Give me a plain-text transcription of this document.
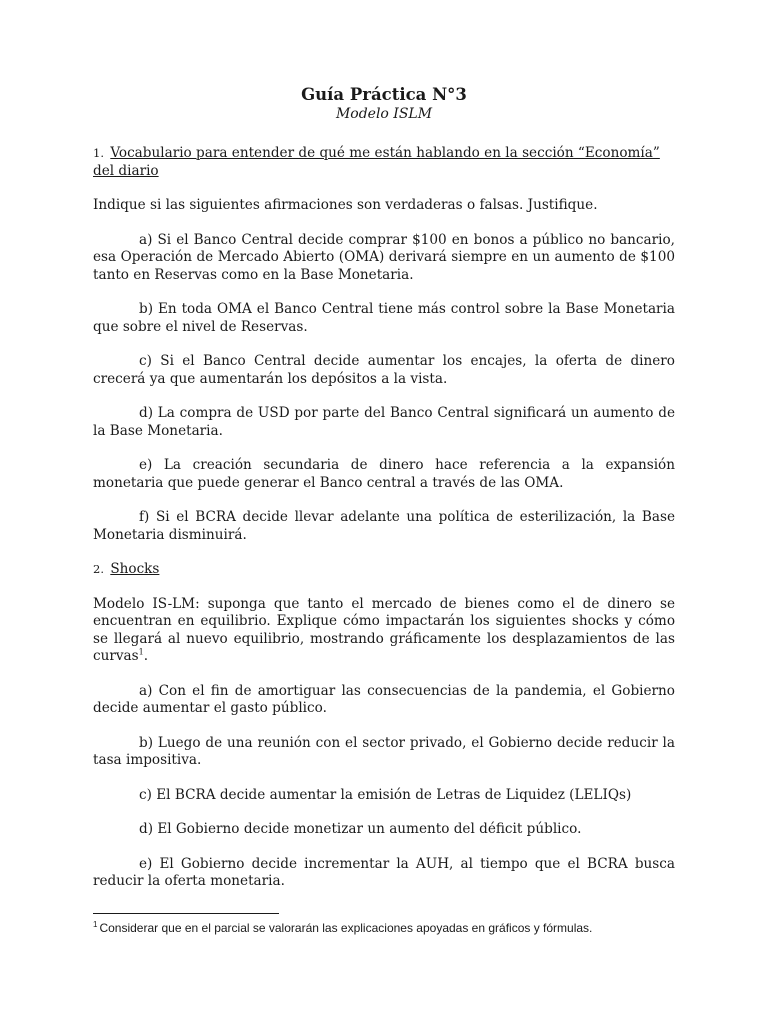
Guía Práctica N°3

Modelo ISLM

1. Vocabulario para entender de qué me están hablando en la sección “Economía” del diario

Indique si las siguientes afirmaciones son verdaderas o falsas. Justifique.

a) Si el Banco Central decide comprar $100 en bonos a público no bancario, esa Operación de Mercado Abierto (OMA) derivará siempre en un aumento de $100 tanto en Reservas como en la Base Monetaria.

b) En toda OMA el Banco Central tiene más control sobre la Base Monetaria que sobre el nivel de Reservas.

c) Si el Banco Central decide aumentar los encajes, la oferta de dinero crecerá ya que aumentarán los depósitos a la vista.

d) La compra de USD por parte del Banco Central significará un aumento de la Base Monetaria.

e) La creación secundaria de dinero hace referencia a la expansión monetaria que puede generar el Banco central a través de las OMA.

f) Si el BCRA decide llevar adelante una política de esterilización, la Base Monetaria disminuirá.

2. Shocks

Modelo IS-LM: suponga que tanto el mercado de bienes como el de dinero se encuentran en equilibrio. Explique cómo impactarán los siguientes shocks y cómo se llegará al nuevo equilibrio, mostrando gráficamente los desplazamientos de las curvas$^1$.

a) Con el fin de amortiguar las consecuencias de la pandemia, el Gobierno decide aumentar el gasto público.

b) Luego de una reunión con el sector privado, el Gobierno decide reducir la tasa impositiva.

c) El BCRA decide aumentar la emisión de Letras de Liquidez (LELIQs)

d) El Gobierno decide monetizar un aumento del déficit público.

e) El Gobierno decide incrementar la AUH, al tiempo que el BCRA busca reducir la oferta monetaria.

$^1$ Considerar que en el parcial se valorarán las explicaciones apoyadas en gráficos y fórmulas.
